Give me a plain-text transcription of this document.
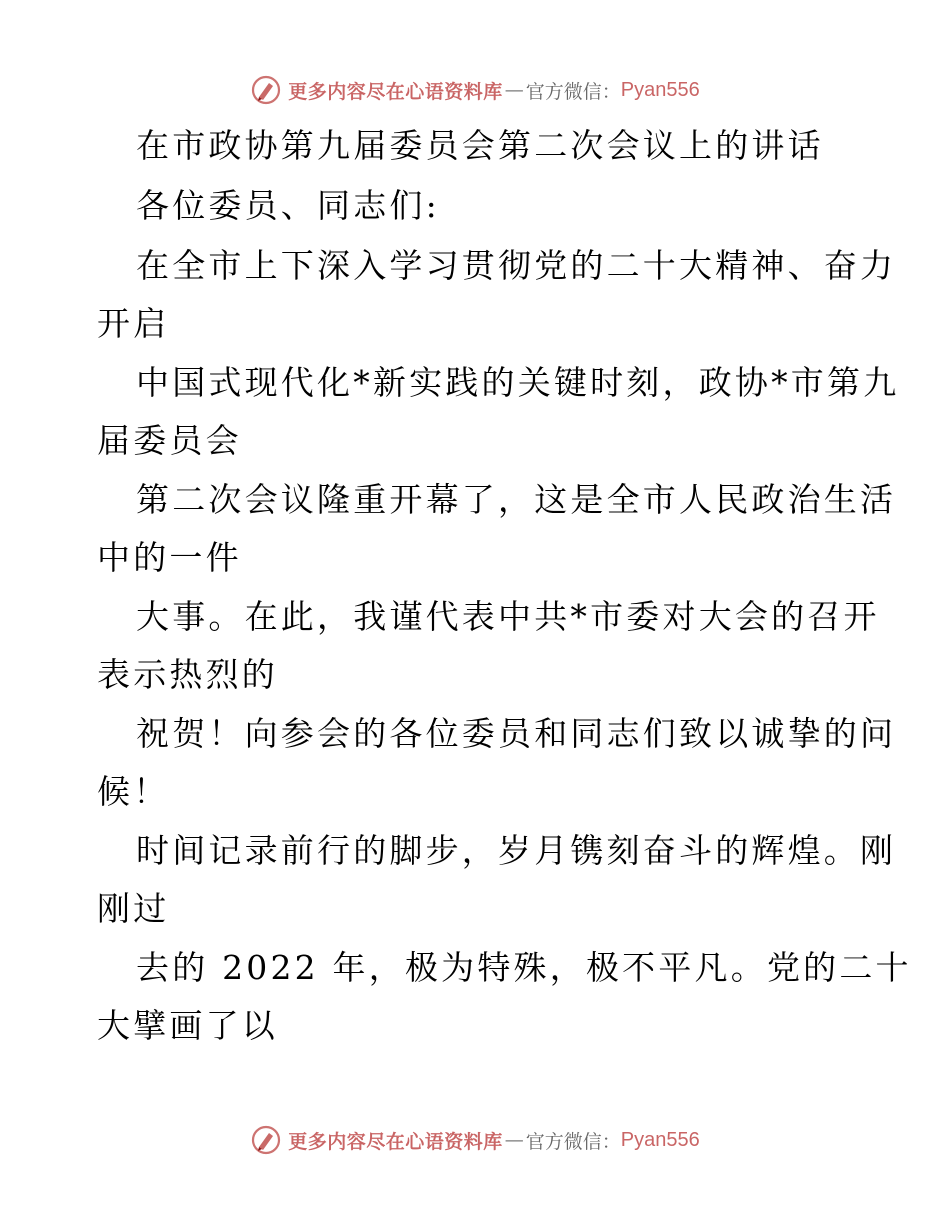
更多内容尽在心语资料库 — 官方微信： Pyan556

在市政协第九届委员会第二次会议上的讲话

各位委员、同志们:

在全市上下深入学习贯彻党的二十大精神、奋力

开启

中国式现代化*新实践的关键时刻，政协*市第九

届委员会

第二次会议隆重开幕了，这是全市人民政治生活

中的一件

大事。在此，我谨代表中共*市委对大会的召开

表示热烈的

祝贺！向参会的各位委员和同志们致以诚挚的问

候！

时间记录前行的脚步，岁月镌刻奋斗的辉煌。刚

刚过

去的 2022 年，极为特殊，极不平凡。党的二十

大擘画了以

更多内容尽在心语资料库 — 官方微信： Pyan556
